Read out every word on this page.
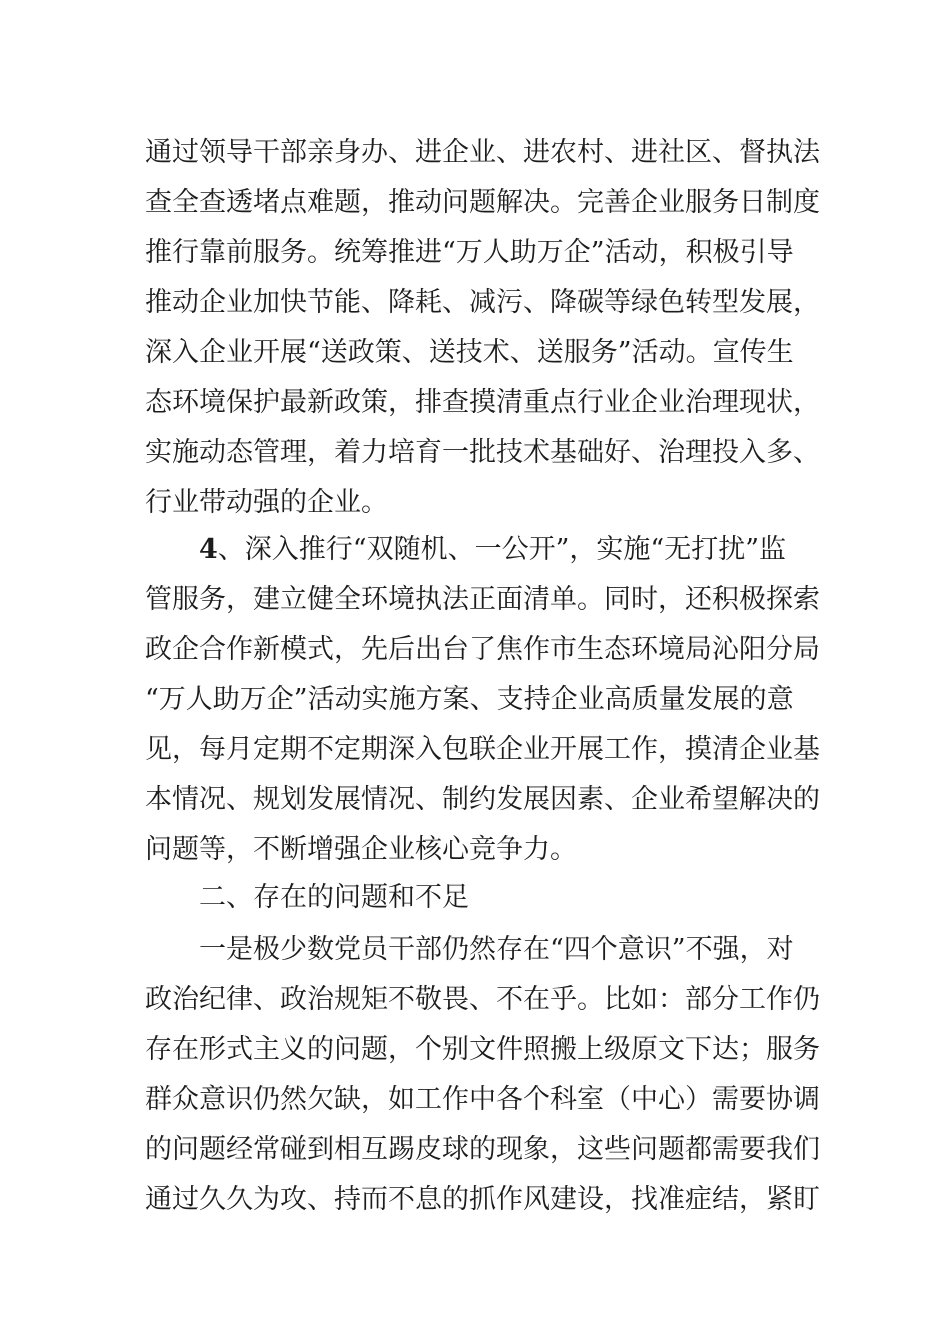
通过领导干部亲身办、进企业、进农村、进社区、督执法
查全查透堵点难题，推动问题解决。完善企业服务日制度
推行靠前服务。统筹推进“万人助万企”活动，积极引导
推动企业加快节能、降耗、减污、降碳等绿色转型发展，
深入企业开展“送政策、送技术、送服务”活动。宣传生
态环境保护最新政策，排查摸清重点行业企业治理现状，
实施动态管理，着力培育一批技术基础好、治理投入多、
行业带动强的企业。
4、深入推行“双随机、一公开”，实施“无打扰”监
管服务，建立健全环境执法正面清单。同时，还积极探索
政企合作新模式，先后出台了焦作市生态环境局沁阳分局
“万人助万企”活动实施方案、支持企业高质量发展的意
见，每月定期不定期深入包联企业开展工作，摸清企业基
本情况、规划发展情况、制约发展因素、企业希望解决的
问题等，不断增强企业核心竞争力。
二、存在的问题和不足
一是极少数党员干部仍然存在“四个意识”不强，对
政治纪律、政治规矩不敬畏、不在乎。比如：部分工作仍
存在形式主义的问题，个别文件照搬上级原文下达；服务
群众意识仍然欠缺，如工作中各个科室（中心）需要协调
的问题经常碰到相互踢皮球的现象，这些问题都需要我们
通过久久为攻、持而不息的抓作风建设，找准症结，紧盯
